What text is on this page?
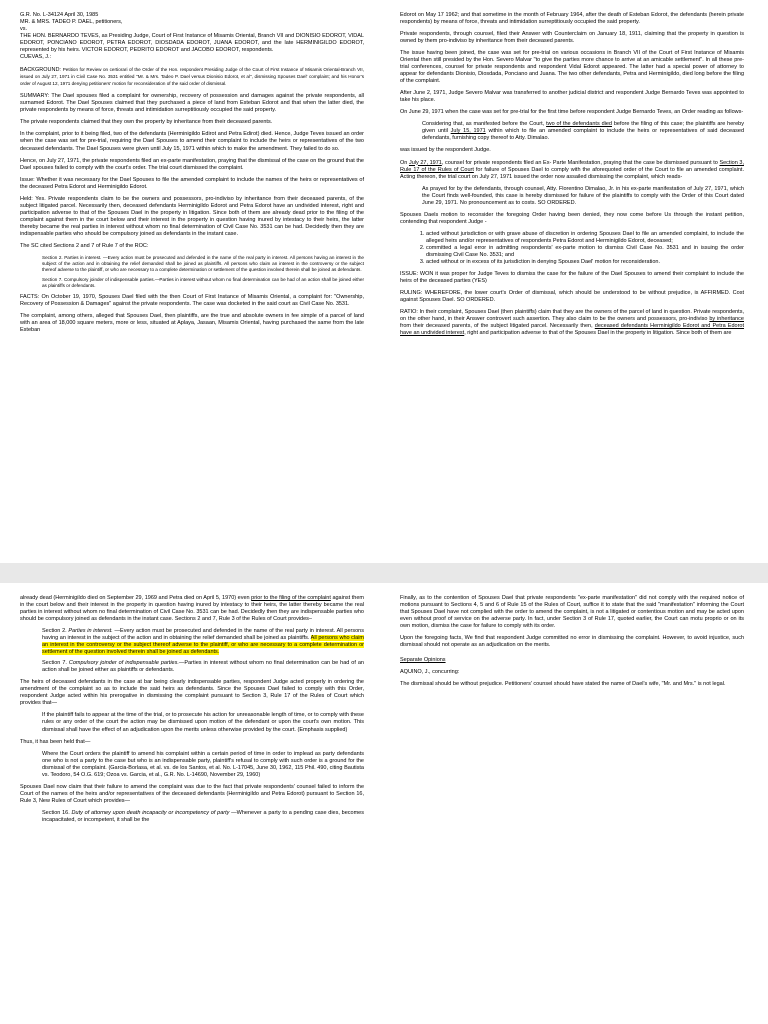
G.R. No. L-34124 April 30, 1985

MR. & MRS. TADEO P. DAEL, petitioners,

vs.

THE HON. BERNARDO TEVES, as Presiding Judge, Court of First Instance of Misamis Oriental, Branch VII and DIONISIO EDOROT, VIDAL EDOROT, PONCIANO EDOROT, PETRA EDOROT, DIOSDADA EDOROT, JUANA EDOROT, and the late HERMINIGILDO EDOROT, represented by his heirs. VICTOR EDOROT, PEDRITO EDOROT and JACOBO EDOROT, respondents.

CUEVAS, J.:

BACKGROUND: Petition for Review on certiorari of the Order of the Hon. respondent Presiding Judge of the Court of First Instance of Misamis Oriental-Branch VII, issued on July 27, 1971 in Civil Case No. 3531 entitled "Mr. & Mrs. Tadeo P. Dael versus Dionisio Edorot, et al", dismissing Spouses Dael' complaint; and his Honor's order of August 12, 1971 denying petitioners' motion for reconsideration of the said order of dismissal.

SUMMARY: The Dael spouses filed a complaint for ownership, recovery of possession and damages against the private respondents, all surnamed Edorot. The Dael Spouses claimed that they purchased a piece of land from Esteban Edorot and that when the latter died, the private respondents by means of force, threats and intimidation surreptitiously occupied the said property.

The private respondents claimed that they own the property by inheritance from their deceased parents.

In the complaint, prior to it being filed, two of the defendants (Herminigildo Edirot and Petra Edirot) died. Hence, Judge Teves issued an order when the case was set for pre-trial, requiring the Dael Spouses to amend their complaint to include the heirs or representatives of the two deceased defendants. The Dael Spouses were given until July 15, 1971 within which to make the amendment. They failed to do so.

Hence, on July 27, 1971, the private respondents filed an ex-parte manifestation, praying that the dismissal of the case on the ground that the Dael spouses failed to comply with the court's order. The trial court dismissed the complaint.

Issue: Whether it was necessary for the Dael Spouses to file the amended complaint to include the names of the heirs or representatives of the deceased Petra Edorot and Herminigildo Edorot.

Held: Yes. Private respondents claim to be the owners and possessors, pro-indiviso by inheritance from their deceased parents, of the subject litigated parcel. Necessarily then, deceased defendants Herminigildo Edorot and Petra Edorot have an undivided interest, right and participation adverse to that of the Spouses Dael in the property in litigation. Since both of them are already dead prior to the filing of the complaint against them in the court below and their interest in the property in question having inured by intestacy to their heirs, the latter thereby became the real parties in interest without whom no final determination of Civil Case No. 3531 can be had. Decidedly then they are indispensable parties who should be compulsory joined as defendants in the instant case.

The SC cited Sections 2 and 7 of Rule 7 of the ROC:

Section 2. Parties in interest. —Every action must be prosecuted and defended in the name of the real party in interest. All persons having an interest in the subject of the action and in obtaining the relief demanded shall be joined as plaintiffs. All persons who claim an interest in the controversy or the subject thereof adverse to the plaintiff, or who are necessary to a complete determination or settlement of the question involved therein shall be joined as defendants.

Section 7. Compulsory joinder of indispensable parties.—Parties in interest without whom no final determination can be had of an action shall be joined either as plaintiffs or defendants.

FACTS: On October 19, 1970, Spouses Dael filed with the then Court of First Instance of Misamis Oriental, a complaint for: "Ownership, Recovery of Possession & Damages" against the private respondents. The case was docketed in the said court as Civil Case No. 3531.

The complaint, among others, alleged that Spouses Dael, then plaintiffs, are the true and absolute owners in fee simple of a parcel of land with an area of 18,000 square meters, more or less, situated at Aplaya, Jasaan, Misamis Oriental, having purchased the same from the late Esteban

Edorot on May 17 1962; and that sometime in the month of February 1964, after the death of Esteban Edorot, the defendants (herein private respondents) by means of force, threats and intimidation surreptitiously occupied the said property.

Private respondents, through counsel, filed their Answer with Counterclaim on January 18, 1911, claiming that the property in question is owned by them pro-indiviso by inheritance from their deceased parents.

The issue having been joined, the case was set for pre-trial on various occasions in Branch VII of the Court of First Instance of Misamis Oriental then still presided by the Hon. Severo Malvar "to give the parties more chance to arrive at an amicable settlement". In all these pre-trial conferences, counsel for private respondents and respondent Vidal Edorot appeared. The latter had a special power of attorney to appear for defendants Dionisio, Diosdada, Ponciano and Juana. The two other defendants, Petra and Herminigildo, died long before the filing of the complaint.

After June 2, 1971, Judge Severo Malvar was transferred to another judicial district and respondent Judge Bernardo Teves was appointed to take his place.

On June 29, 1971 when the case was set for pre-trial for the first time before respondent Judge Bernardo Teves, an Order reading as follows-

Considering that, as manifested before the Court, two of the defendants died before the filing of this case; the plaintiffs are hereby given until July 15, 1971 within which to file an amended complaint to include the heirs or representatives of said deceased defendants, furnishing copy thereof to Atty. Dimalao.

was issued by the respondent Judge.

On July 27, 1971, counsel for private respondents filed an Ex- Parte Manifestation, praying that the case be dismissed pursuant to Section 3, Rule 17 of the Rules of Court for failure of Spouses Dael to comply with the aforequoted order of the Court to file an amended complaint. Acting thereon, the trial court on July 27, 1971 issued the order now assailed dismissing the complaint, which reads-

As prayed for by the defendants, through counsel, Atty. Florentino Dimalao, Jr. in his ex-parte manifestation of July 27, 1971, which the Court finds well-founded, this case is hereby dismissed for failure of the plaintiffs to comply with the Order of this Court dated June 29, 1971. No pronouncement as to costs. SO ORDERED.

Spouses Daels motion to reconsider the foregoing Order having been denied, they now come before Us through the instant petition, contending that respondent Judge -

1. acted without jurisdiction or with grave abuse of discretion in ordering Spouses Dael to file an amended complaint, to include the alleged heirs and/or representatives of respondents Petra Edorot and Herminigildo Edorot, deceased;
2. committed a legal error in admitting respondents' ex-parte motion to dismiss Civil Case No. 3531 and in issuing the order dismissing Civil Case No. 3531; and
3. acted without or in excess of its jurisdiction in denying Spouses Dael' motion for reconsideration.

ISSUE: WON it was proper for Judge Teves to dismiss the case for the failure of the Dael Spouses to amend their complaint to include the heirs of the deceased parties (YES)

RULING: WHEREFORE, the lower court's Order of dismissal, which should be understood to be without prejudice, is AFFIRMED. Cost against Spouses Dael. SO ORDERED.

RATIO: In their complaint, Spouses Dael (then plaintiffs) claim that they are the owners of the parcel of land in question. Private respondents, on the other hand, in their Answer controvert such assertion. They also claim to be the owners and possessors, pro-indiviso by inheritance from their deceased parents, of the subject litigated parcel. Necessarily then, deceased defendants Herminigildo Edorot and Petra Edorot have an undivided interest, right and participation adverse to that of the Spouses Dael in the property in litigation. Since both of them are

already dead (Herminigildo died on September 29, 1969 and Petra died on April 5, 1970) even prior to the filing of the complaint against them in the court below and their interest in the property in question having inured by intestacy to their heirs, the latter thereby became the real parties in interest without whom no final determination of Civil Case No. 3531 can be had. Decidedly then they are indispensable parties who should be compulsory joined as defendants in the instant case. Sections 2 and 7, Rule 3 of the Rules of Court provides–

Section 2. Parties in interest. —Every action must be prosecuted and defended in the name of the real party in interest. All persons having an interest in the subject of the action and in obtaining the relief demanded shall be joined as plaintiffs. All persons who claim an interest in the controversy or the subject thereof adverse to the plaintiff, or who are necessary to a complete determination or settlement of the question involved therein shall be joined as defendants.

Section 7. Compulsory joinder of indispensable parties.—Parties in interest without whom no final determination can be had of an action shall be joined either as plaintiffs or defendants.

The heirs of deceased defendants in the case at bar being clearly indispensable parties, respondent Judge acted properly in ordering the amendment of the complaint so as to include the said heirs as defendants. Since the Spouses Dael failed to comply with this Order, respondent Judge acted within his prerogative in dismissing the complaint pursuant to Section 3, Rule 17 of the Rules of Court which provides that—

If the plaintiff fails to appear at the time of the trial, or to prosecute his action for unreasonable length of time, or to comply with these rules or any order of the court the action may be dismissed upon motion of the defendant or upon the court's own motion. This dismissal shall have the effect of an adjudication upon the merits unless otherwise provided by the court. (Emphasis supplied)

Thus, it has been held that—

Where the Court orders the plaintiff to amend his complaint within a certain period of time in order to implead as party defendants one who is not a party to the case but who is an indispensable party, plaintiff's refusal to comply with such order is a ground for the dismissal of the complaint. (Garcia-Borlasa, et al. vs. de los Santos, et al. No. L-17045, June 30, 1962, 115 Phil. 490, citing Bautista vs. Teodoro, 54 O.G. 619; Ozoa vs. Garcia, et al., G.R. No. L-14690, November 29, 1960)

Spouses Dael now claim that their failure to amend the complaint was due to the fact that private respondents' counsel failed to inform the Court of the names of the heirs and/or representatives of the deceased defendants (Herminigildo and Petra Edorot) pursuant to Section 16, Rule 3, New Rules of Court which provides—

Section 16. Duty of attorney upon death incapacity or incompetency of party —Whenever a party to a pending case dies, becomes incapacitated, or incompetent, it shall be the

Finally, as to the contention of Spouses Dael that private respondents "ex-parte manifestation" did not comply with the required notice of motions pursuant to Sections 4, 5 and 6 of Rule 15 of the Rules of Court, suffice it to state that the said "manifestation" informing the Court that Spouses Dael have not complied with the order to amend the complaint, is not a litigated or contentious motion and may be acted upon even without proof of service on the adverse party. In fact, under Section 3 of Rule 17, quoted earlier, the Court can motu proprio or on its own motion, dismiss the case for failure to comply with its order.

Upon the foregoing facts, We find that respondent Judge committed no error in dismissing the complaint. However, to avoid injustice, such dismissal should not operate as an adjudication on the merits.

Separate Opinions

AQUINO, J., concurring:

The dismissal should be without prejudice. Petitioners' counsel should have stated the name of Dael's wife, "Mr. and Mrs." is not legal.
